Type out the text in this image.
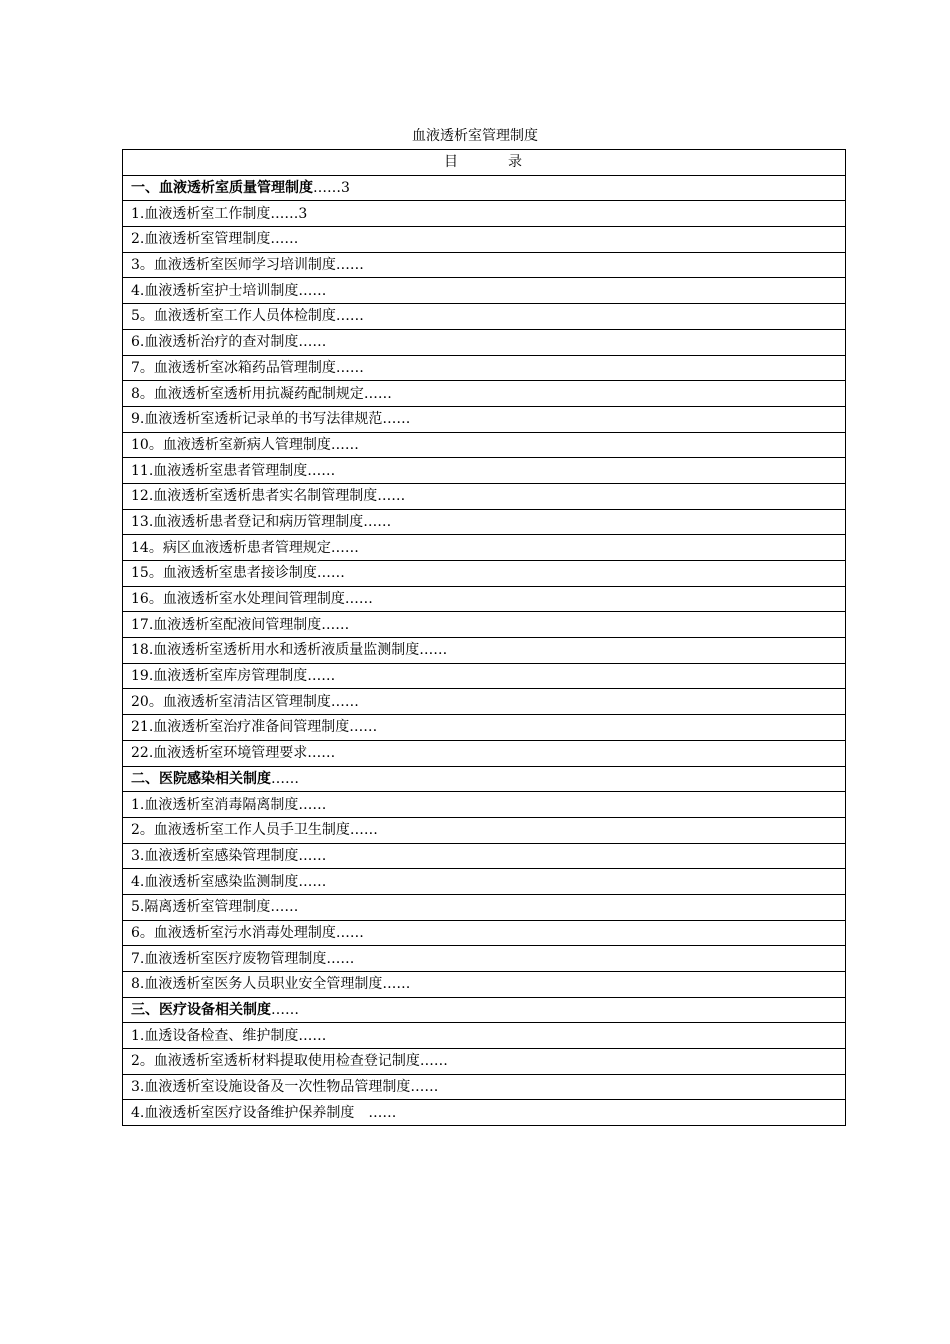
血液透析室管理制度
目　　　录
一、血液透析室质量管理制度……3
1.血液透析室工作制度……3
2.血液透析室管理制度……
3。血液透析室医师学习培训制度……
4.血液透析室护士培训制度……
5。血液透析室工作人员体检制度……
6.血液透析治疗的查对制度……
7。血液透析室冰箱药品管理制度……
8。血液透析室透析用抗凝药配制规定……
9.血液透析室透析记录单的书写法律规范……
10。血液透析室新病人管理制度……
11.血液透析室患者管理制度……
12.血液透析室透析患者实名制管理制度……
13.血液透析患者登记和病历管理制度……
14。病区血液透析患者管理规定……
15。血液透析室患者接诊制度……
16。血液透析室水处理间管理制度……
17.血液透析室配液间管理制度……
18.血液透析室透析用水和透析液质量监测制度……
19.血液透析室库房管理制度……
20。血液透析室清洁区管理制度……
21.血液透析室治疗准备间管理制度……
22.血液透析室环境管理要求……
二、医院感染相关制度……
1.血液透析室消毒隔离制度……
2。血液透析室工作人员手卫生制度……
3.血液透析室感染管理制度……
4.血液透析室感染监测制度……
5.隔离透析室管理制度……
6。血液透析室污水消毒处理制度……
7.血液透析室医疗废物管理制度……
8.血液透析室医务人员职业安全管理制度……
三、医疗设备相关制度……
1.血透设备检查、维护制度……
2。血液透析室透析材料提取使用检查登记制度……
3.血液透析室设施设备及一次性物品管理制度……
4.血液透析室医疗设备维护保养制度　……
